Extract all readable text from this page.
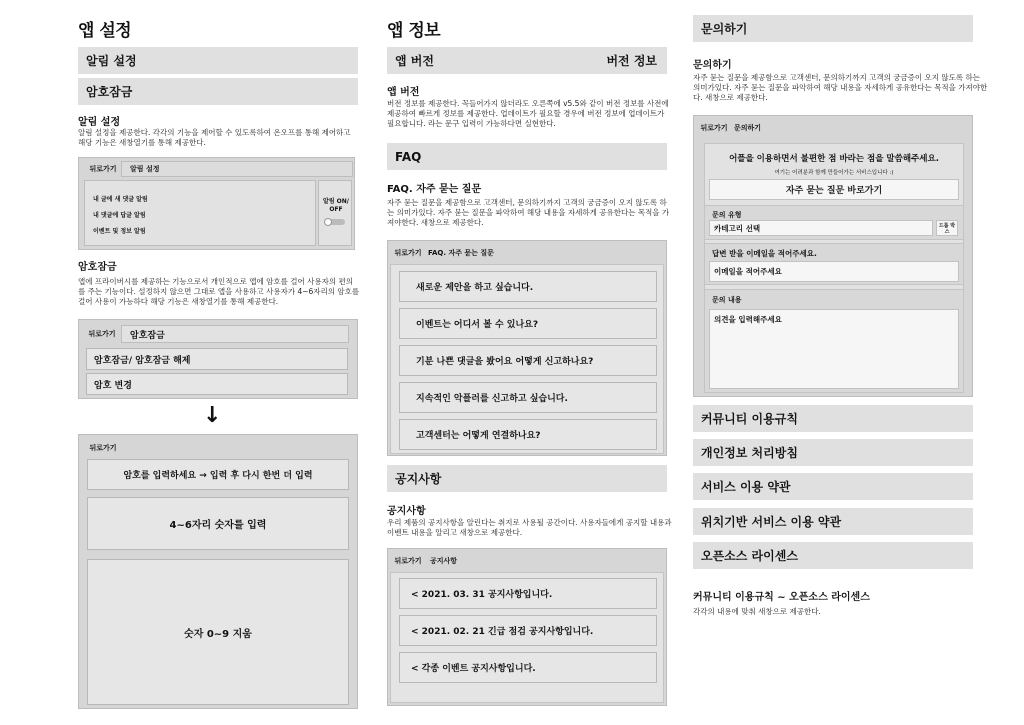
앱 설정
알림 설정
암호잠금
알림 설정
알림 설정을 제공한다. 각각의 기능을 제어할 수 있도록하여 온오프를 통해 제어하고 해당 기능은 새창열기를 통해 제공한다.
뒤로가기	알림 설정
내 글에 새 댓글 알림
내 댓글에 답글 알림
이벤트 및 정보 알림
알림 ON/ OFF
암호잠금
앱에 프라이버시를 제공하는 기능으로서 개인적으로 앱에 암호를 걸어 사용자의 편의를 주는 기능이다. 설정하지 않으면 그대로 앱을 사용하고 사용자가 4~6자리의 암호를 걸어 사용이 가능하다 해당 기능은 새창열기를 통해 제공한다.
뒤로가기	암호잠금
암호잠금/ 암호잠금 해제
암호 변경
↓
뒤로가기
암호를 입력하세요 → 입력 후 다시 한번 더 입력
4~6자리 숫자를 입력
숫자 0~9 지움
앱 정보
앱 버전	버전 정보
앱 버전
버전 정보를 제공한다. 꼭들어가지 않더라도 오른쪽에 v5.5와 같이 버전 정보를 사전에 제공하여 빠르게 정보를 제공한다. 업데이트가 필요할 경우에 버전 정보에 업데이트가 필요합니다. 라는 문구 입력이 가능하다면 실현한다.
FAQ
FAQ. 자주 묻는 질문
자주 묻는 질문을 제공함으로 고객센터, 문의하기까지 고객의 궁금증이 오지 않도록 하는 의미가있다. 자주 묻는 질문을 파악하여 해당 내용을 자세하게 공유한다는 목적을 가져야한다. 새창으로 제공한다.
뒤로가기 FAQ. 자주 묻는 질문
새로운 제안을 하고 싶습니다.
이벤트는 어디서 볼 수 있나요?
기분 나쁜 댓글을 봤어요 어떻게 신고하나요?
지속적인 악플러를 신고하고 싶습니다.
고객센터는 어떻게 연결하나요?
공지사항
공지사항
우리 제품의 공지사항을 알린다는 취지로 사용될 공간이다. 사용자들에게 공지할 내용과 이벤트 내용을 알리고 새창으로 제공한다.
뒤로가기	공지사항
< 2021. 03. 31 공지사항입니다.
< 2021. 02. 21 긴급 점검 공지사항입니다.
< 각종 이벤트 공지사항입니다.
문의하기
문의하기
자주 묻는 질문을 제공함으로 고객센터, 문의하기까지 고객의 궁금증이 오지 않도록 하는 의미가있다. 자주 묻는 질문을 파악하여 해당 내용을 자세하게 공유한다는 목적을 가져야한다. 새창으로 제공한다.
뒤로가기 문의하기
어플을 이용하면서 불편한 점 바라는 점을 말씀해주세요.
여기는 어려분과 함께 만들어가는 서비스입니다 :)
자주 묻는 질문 바로가기
문의 유형
카테고리 선택	드롭 박스
답변 받을 이메일을 적어주세요.
이메일을 적어주세요
문의 내용
의견을 입력해주세요
커뮤니티 이용규칙
개인정보 처리방침
서비스 이용 약관
위치기반 서비스 이용 약관
오픈소스 라이센스
커뮤니티 이용규칙 ~ 오픈소스 라이센스
각각의 내용에 맞춰 새창으로 제공한다.
